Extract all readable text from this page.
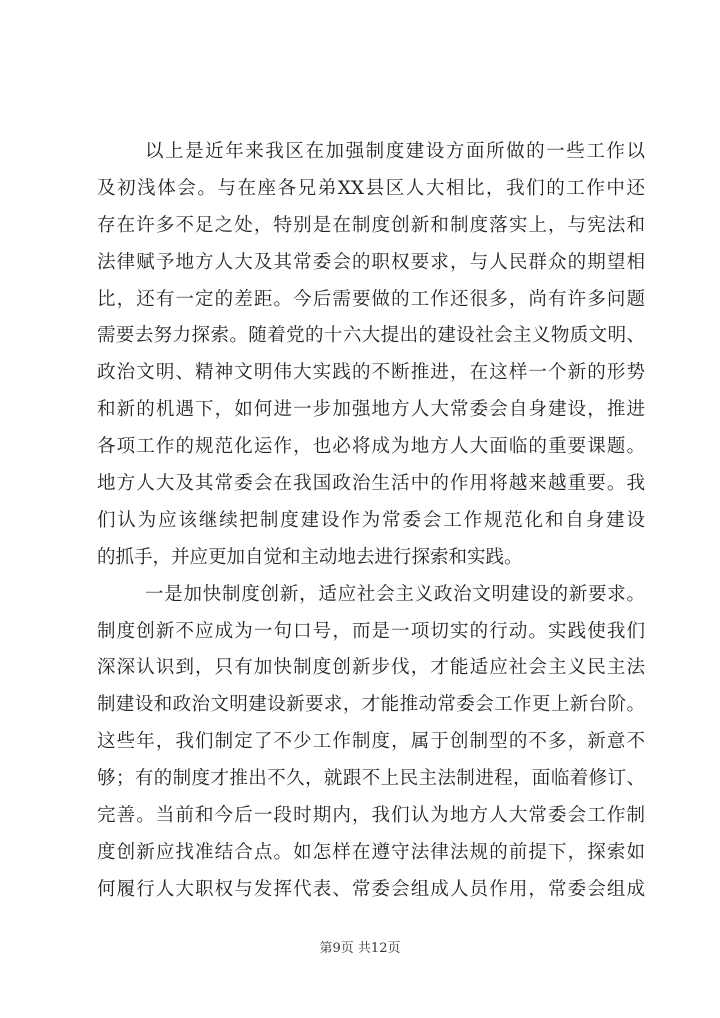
以上是近年来我区在加强制度建设方面所做的一些工作以
及初浅体会。与在座各兄弟XX县区人大相比，我们的工作中还
存在许多不足之处，特别是在制度创新和制度落实上，与宪法和
法律赋予地方人大及其常委会的职权要求，与人民群众的期望相
比，还有一定的差距。今后需要做的工作还很多，尚有许多问题
需要去努力探索。随着党的十六大提出的建设社会主义物质文明、
政治文明、精神文明伟大实践的不断推进，在这样一个新的形势
和新的机遇下，如何进一步加强地方人大常委会自身建设，推进
各项工作的规范化运作，也必将成为地方人大面临的重要课题。
地方人大及其常委会在我国政治生活中的作用将越来越重要。我
们认为应该继续把制度建设作为常委会工作规范化和自身建设
的抓手，并应更加自觉和主动地去进行探索和实践。
一是加快制度创新，适应社会主义政治文明建设的新要求。
制度创新不应成为一句口号，而是一项切实的行动。实践使我们
深深认识到，只有加快制度创新步伐，才能适应社会主义民主法
制建设和政治文明建设新要求，才能推动常委会工作更上新台阶。
这些年，我们制定了不少工作制度，属于创制型的不多，新意不
够；有的制度才推出不久，就跟不上民主法制进程，面临着修订、
完善。当前和今后一段时期内，我们认为地方人大常委会工作制
度创新应找准结合点。如怎样在遵守法律法规的前提下，探索如
何履行人大职权与发挥代表、常委会组成人员作用，常委会组成
第9页 共12页
